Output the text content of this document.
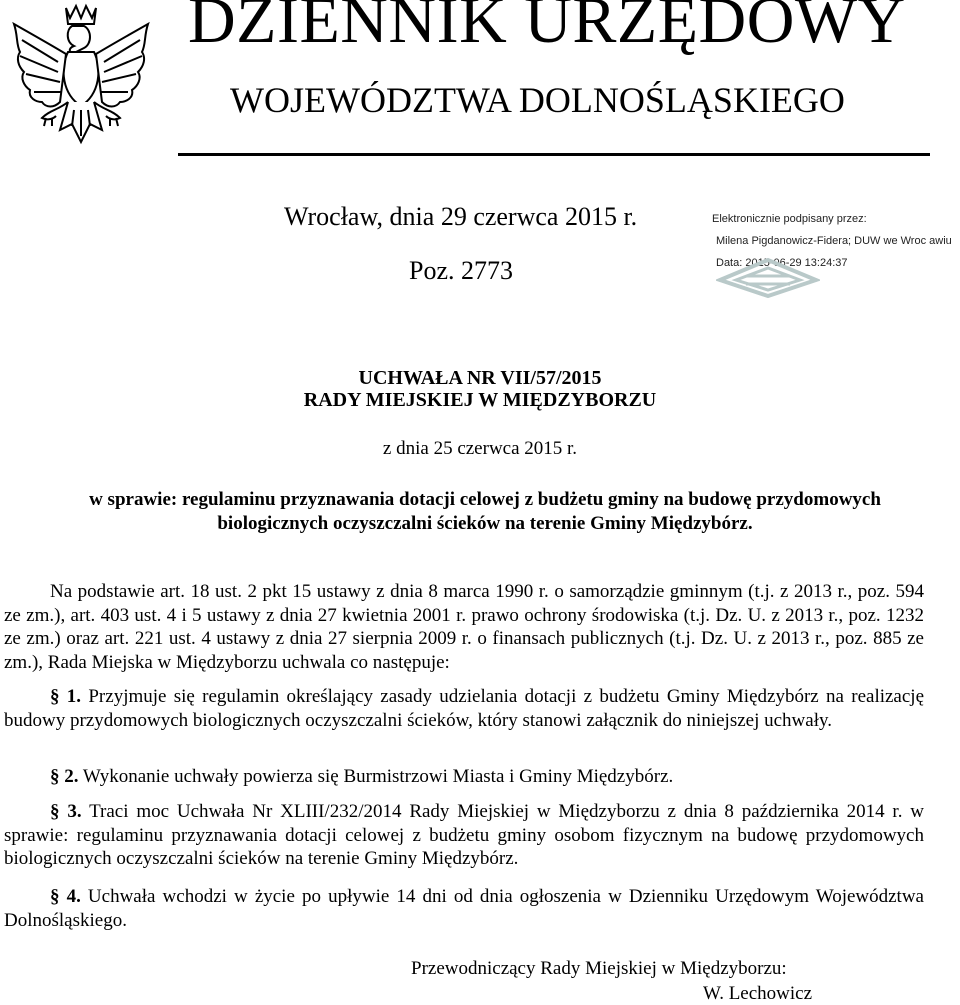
DZIENNIK URZĘDOWY
WOJEWÓDZTWA DOLNOŚLĄSKIEGO
Wrocław, dnia 29 czerwca 2015 r.
Poz. 2773
Elektronicznie podpisany przez:
Milena Pigdanowicz-Fidera; DUW we Wroc awiu
Data: 2015-06-29 13:24:37
UCHWAŁA NR VII/57/2015
RADY MIEJSKIEJ W MIĘDZYBORZU
z dnia 25 czerwca 2015 r.
w sprawie: regulaminu przyznawania dotacji celowej z budżetu gminy na budowę przydomowych biologicznych oczyszczalni ścieków na terenie Gminy Międzybórz.
Na podstawie art. 18 ust. 2 pkt 15 ustawy z dnia 8 marca 1990 r. o samorządzie gminnym (t.j. z 2013 r., poz. 594 ze zm.), art. 403 ust. 4 i 5 ustawy z dnia 27 kwietnia 2001 r. prawo ochrony środowiska (t.j. Dz. U. z 2013 r., poz. 1232 ze zm.) oraz art. 221 ust. 4 ustawy z dnia 27 sierpnia 2009 r. o finansach publicznych (t.j. Dz. U. z 2013 r., poz. 885 ze zm.), Rada Miejska w Międzyborzu uchwala co następuje:
§ 1. Przyjmuje się regulamin określający zasady udzielania dotacji z budżetu Gminy Międzybórz na realizację budowy przydomowych biologicznych oczyszczalni ścieków, który stanowi załącznik do niniejszej uchwały.
§ 2. Wykonanie uchwały powierza się Burmistrzowi Miasta i Gminy Międzybórz.
§ 3. Traci moc Uchwała Nr XLIII/232/2014 Rady Miejskiej w Międzyborzu z dnia 8 października 2014 r. w sprawie: regulaminu przyznawania dotacji celowej z budżetu gminy osobom fizycznym na budowę przydomowych biologicznych oczyszczalni ścieków na terenie Gminy Międzybórz.
§ 4. Uchwała wchodzi w życie po upływie 14 dni od dnia ogłoszenia w Dzienniku Urzędowym Województwa Dolnośląskiego.
Przewodniczący Rady Miejskiej w Międzyborzu:
W. Lechowicz
